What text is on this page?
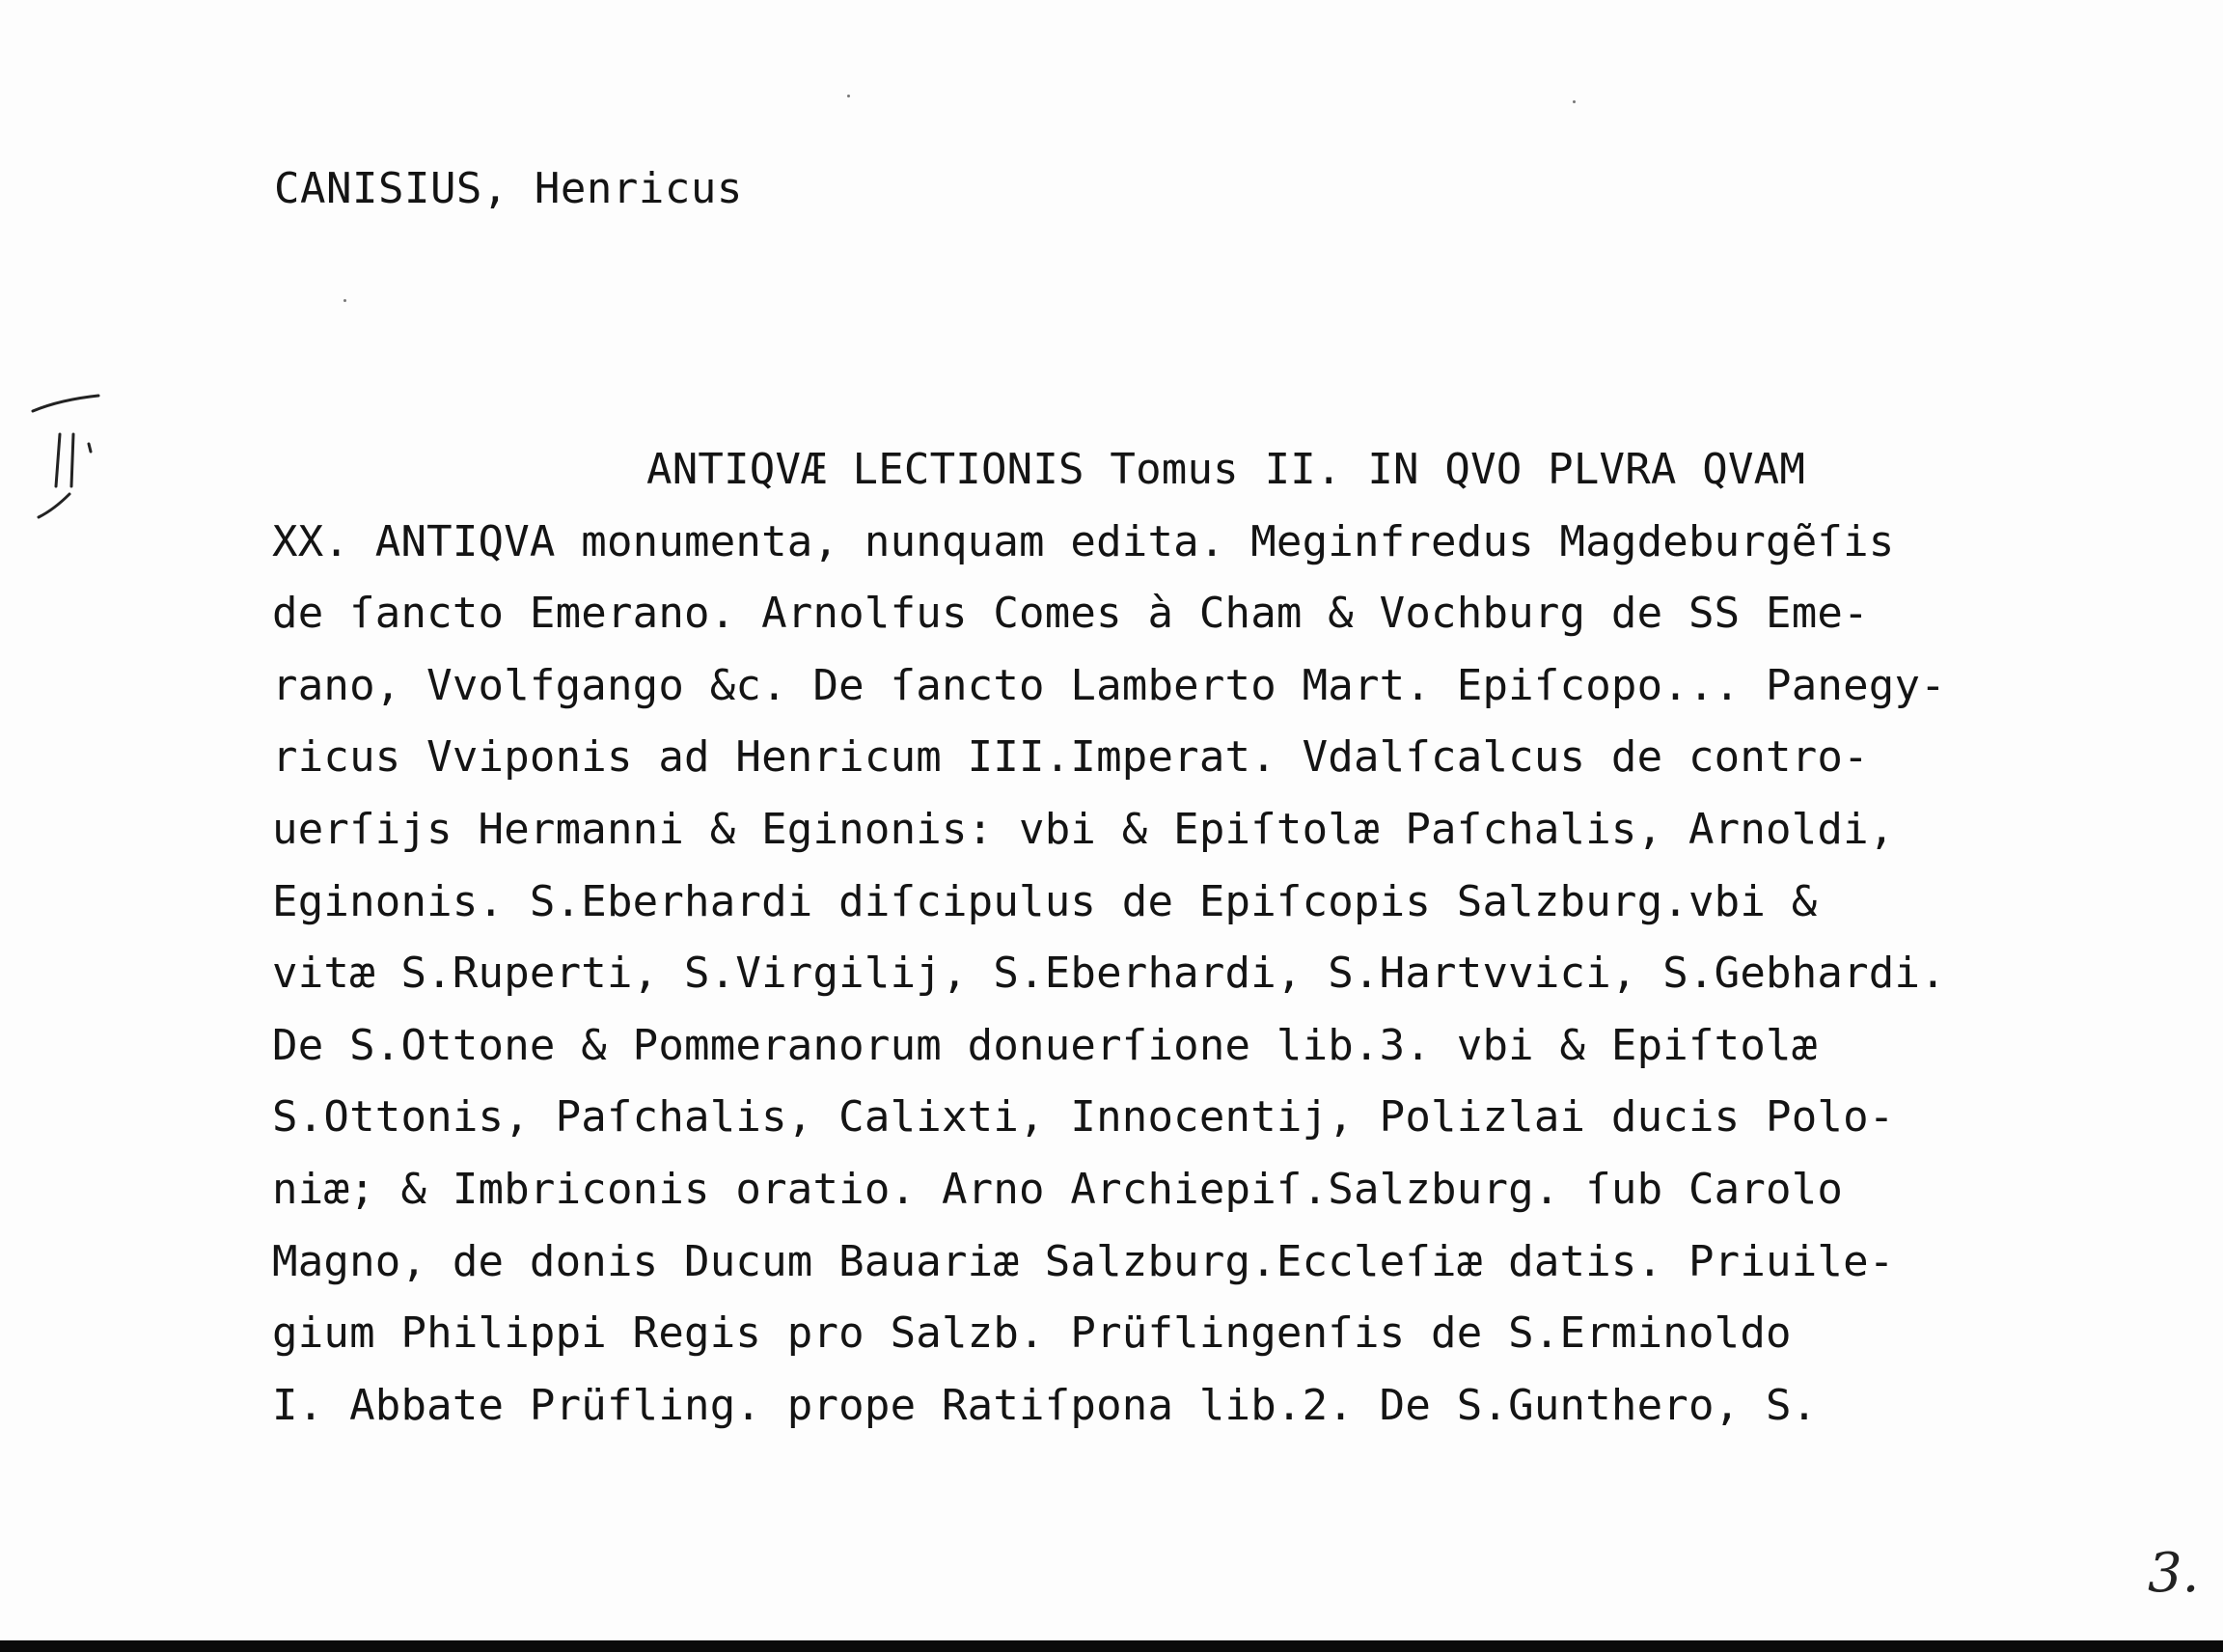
CANISIUS, Henricus
ANTIQVÆ LECTIONIS Tomus II. IN QVO PLVRA QVAM
XX. ANTIQVA monumenta, nunquam edita. Meginfredus Magdeburgẽſis
de ſancto Emerano. Arnolfus Comes à Cham & Vochburg de SS Eme-
rano, Vvolfgango &c. De ſancto Lamberto Mart. Epiſcopo... Panegy-
ricus Vviponis ad Henricum III.Imperat. Vdalſcalcus de contro-
uerſijs Hermanni & Eginonis: vbi & Epiſtolæ Paſchalis, Arnoldi,
Eginonis. S.Eberhardi diſcipulus de Epiſcopis Salzburg.vbi &
vitæ S.Ruperti, S.Virgilij, S.Eberhardi, S.Hartvvici, S.Gebhardi.
De S.Ottone & Pommeranorum donuerſione lib.3. vbi & Epiſtolæ
S.Ottonis, Paſchalis, Calixti, Innocentij, Polizlai ducis Polo-
niæ; & Imbriconis oratio. Arno Archiepiſ.Salzburg. ſub Carolo
Magno, de donis Ducum Bauariæ Salzburg.Eccleſiæ datis. Priuile-
gium Philippi Regis pro Salzb. Prüflingenſis de S.Erminoldo
I. Abbate Prüfling. prope Ratiſpona lib.2. De S.Gunthero, S.
3.
